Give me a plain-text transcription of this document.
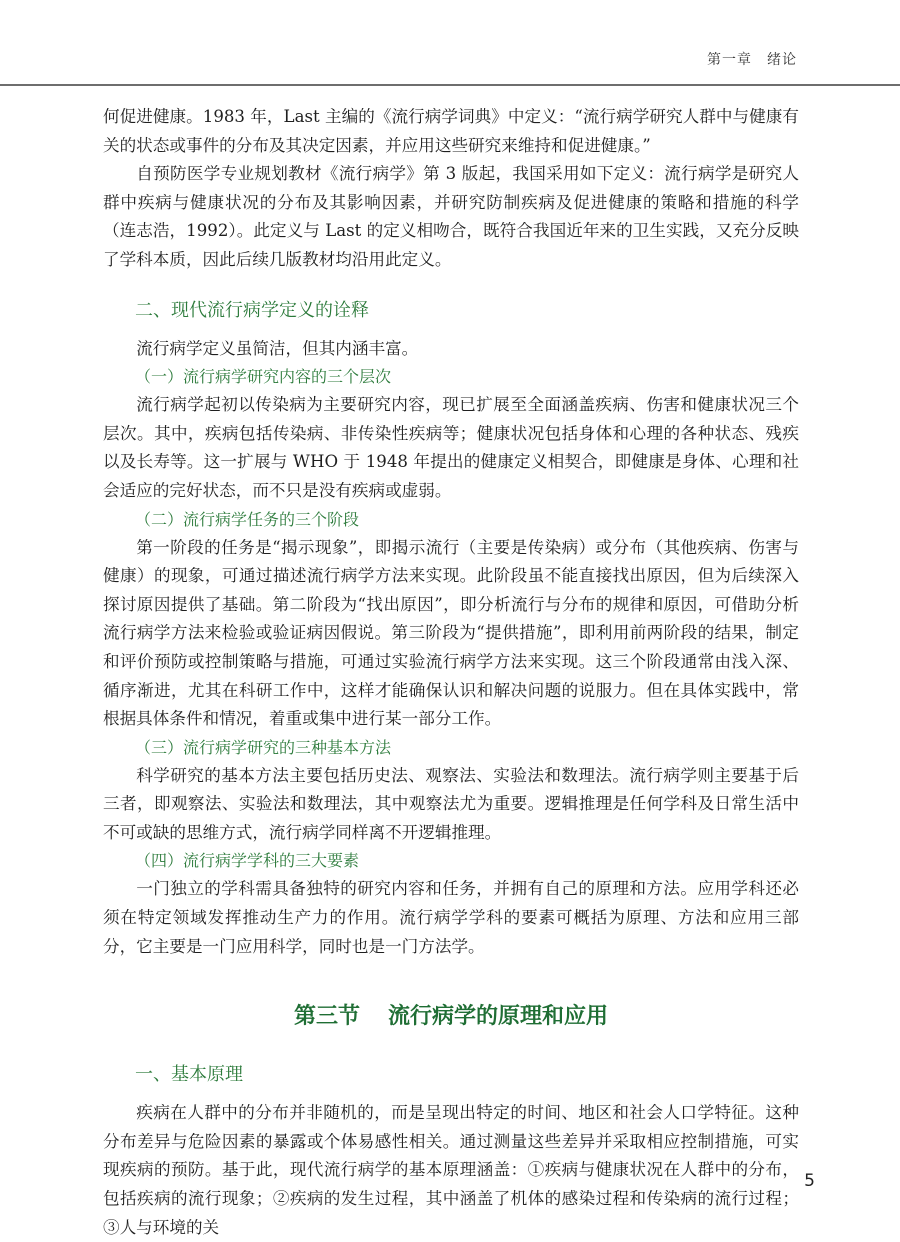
第一章　绪论

何促进健康。1983 年，Last 主编的《流行病学词典》中定义：“流行病学研究人群中与健康有关的状态或事件的分布及其决定因素，并应用这些研究来维持和促进健康。”

自预防医学专业规划教材《流行病学》第 3 版起，我国采用如下定义：流行病学是研究人群中疾病与健康状况的分布及其影响因素，并研究防制疾病及促进健康的策略和措施的科学（连志浩，1992）。此定义与 Last 的定义相吻合，既符合我国近年来的卫生实践，又充分反映了学科本质，因此后续几版教材均沿用此定义。

二、现代流行病学定义的诠释

流行病学定义虽简洁，但其内涵丰富。

（一）流行病学研究内容的三个层次

流行病学起初以传染病为主要研究内容，现已扩展至全面涵盖疾病、伤害和健康状况三个层次。其中，疾病包括传染病、非传染性疾病等；健康状况包括身体和心理的各种状态、残疾以及长寿等。这一扩展与 WHO 于 1948 年提出的健康定义相契合，即健康是身体、心理和社会适应的完好状态，而不只是没有疾病或虚弱。

（二）流行病学任务的三个阶段

第一阶段的任务是“揭示现象”，即揭示流行（主要是传染病）或分布（其他疾病、伤害与健康）的现象，可通过描述流行病学方法来实现。此阶段虽不能直接找出原因，但为后续深入探讨原因提供了基础。第二阶段为“找出原因”，即分析流行与分布的规律和原因，可借助分析流行病学方法来检验或验证病因假说。第三阶段为“提供措施”，即利用前两阶段的结果，制定和评价预防或控制策略与措施，可通过实验流行病学方法来实现。这三个阶段通常由浅入深、循序渐进，尤其在科研工作中，这样才能确保认识和解决问题的说服力。但在具体实践中，常根据具体条件和情况，着重或集中进行某一部分工作。

（三）流行病学研究的三种基本方法

科学研究的基本方法主要包括历史法、观察法、实验法和数理法。流行病学则主要基于后三者，即观察法、实验法和数理法，其中观察法尤为重要。逻辑推理是任何学科及日常生活中不可或缺的思维方式，流行病学同样离不开逻辑推理。

（四）流行病学学科的三大要素

一门独立的学科需具备独特的研究内容和任务，并拥有自己的原理和方法。应用学科还必须在特定领域发挥推动生产力的作用。流行病学学科的要素可概括为原理、方法和应用三部分，它主要是一门应用科学，同时也是一门方法学。

第三节 流行病学的原理和应用
一、基本原理

疾病在人群中的分布并非随机的，而是呈现出特定的时间、地区和社会人口学特征。这种分布差异与危险因素的暴露或个体易感性相关。通过测量这些差异并采取相应控制措施，可实现疾病的预防。基于此，现代流行病学的基本原理涵盖：①疾病与健康状况在人群中的分布，包括疾病的流行现象；②疾病的发生过程，其中涵盖了机体的感染过程和传染病的流行过程；③人与环境的关

5
